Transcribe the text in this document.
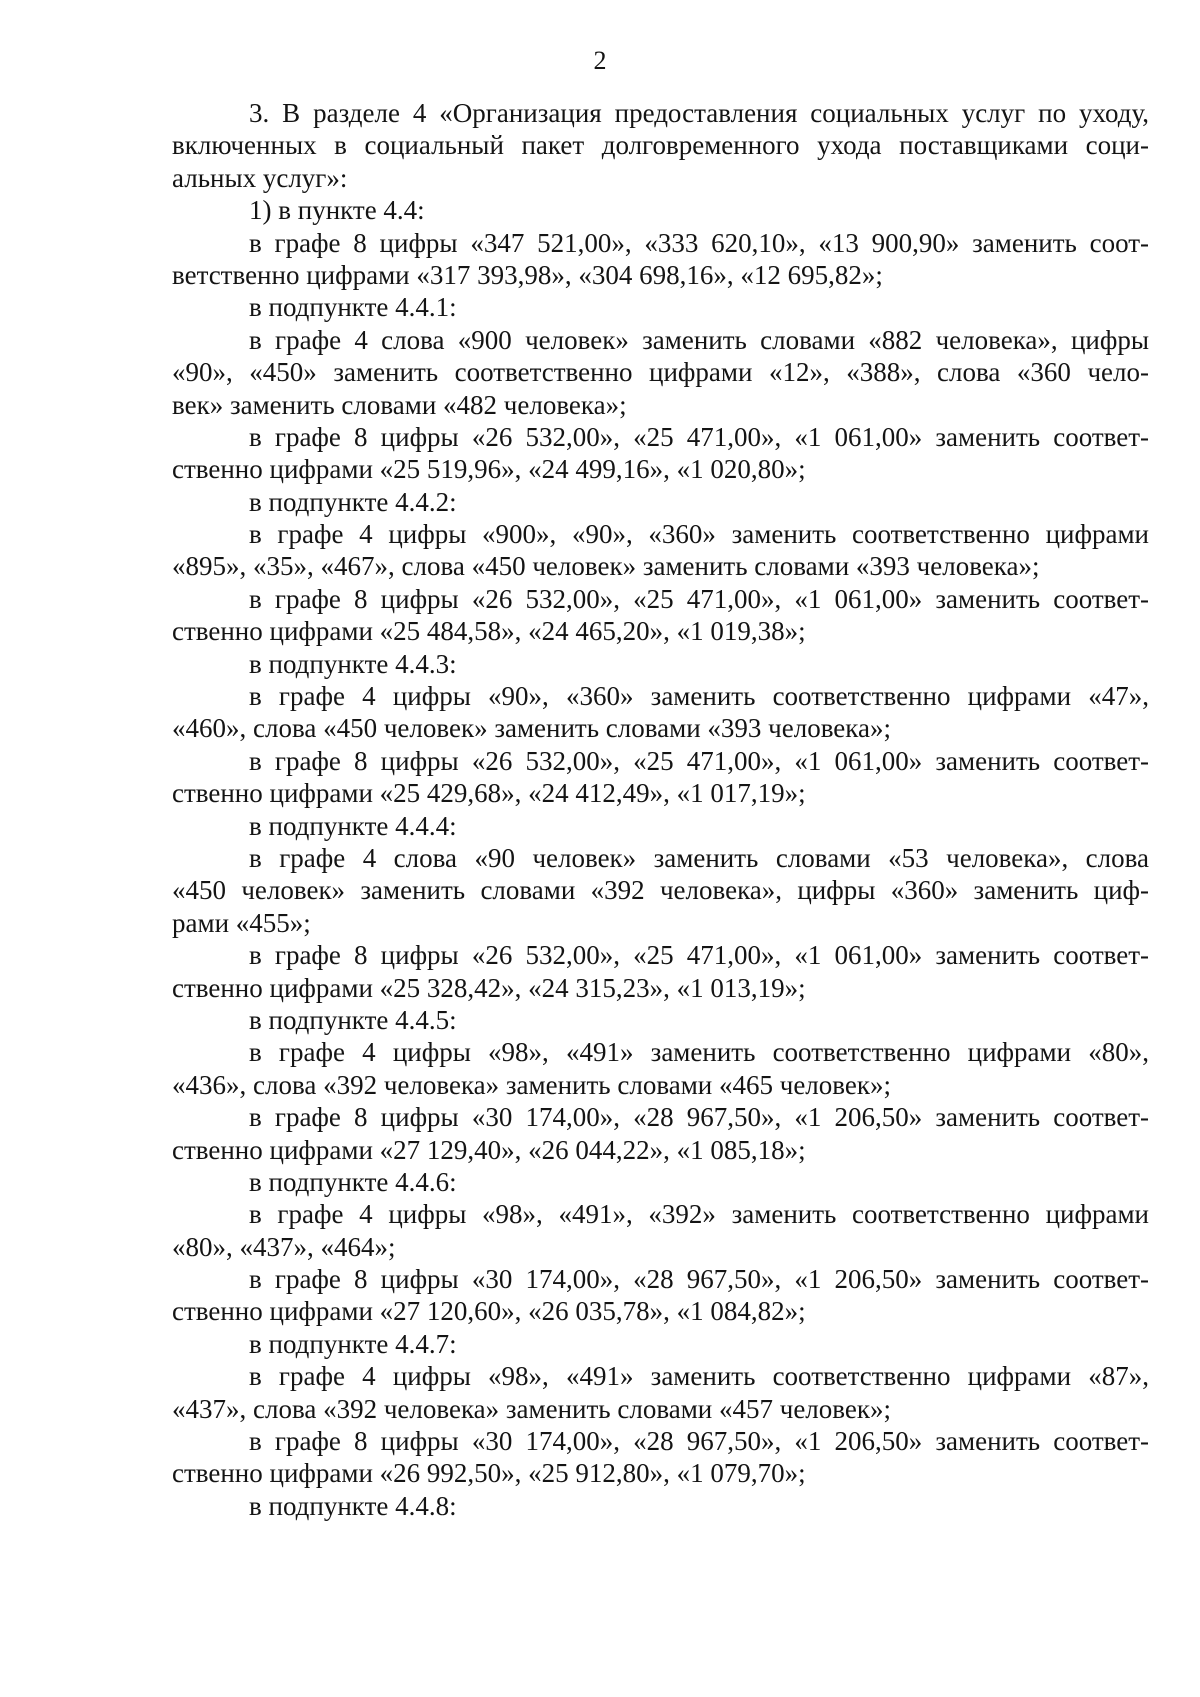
2
3. В разделе 4 «Организация предоставления социальных услуг по уходу,
включенных в социальный пакет долговременного ухода поставщиками соци-
альных услуг»:
1) в пункте 4.4:
в графе 8 цифры «347 521,00», «333 620,10», «13 900,90» заменить соот-
ветственно цифрами «317 393,98», «304 698,16», «12 695,82»;
в подпункте 4.4.1:
в графе 4 слова «900 человек» заменить словами «882 человека», цифры
«90», «450» заменить соответственно цифрами «12», «388», слова «360 чело-
век» заменить словами «482 человека»;
в графе 8 цифры «26 532,00», «25 471,00», «1 061,00» заменить соответ-
ственно цифрами «25 519,96», «24 499,16», «1 020,80»;
в подпункте 4.4.2:
в графе 4 цифры «900», «90», «360» заменить соответственно цифрами
«895», «35», «467», слова «450 человек» заменить словами «393 человека»;
в графе 8 цифры «26 532,00», «25 471,00», «1 061,00» заменить соответ-
ственно цифрами «25 484,58», «24 465,20», «1 019,38»;
в подпункте 4.4.3:
в графе 4 цифры «90», «360» заменить соответственно цифрами «47»,
«460», слова «450 человек» заменить словами «393 человека»;
в графе 8 цифры «26 532,00», «25 471,00», «1 061,00» заменить соответ-
ственно цифрами «25 429,68», «24 412,49», «1 017,19»;
в подпункте 4.4.4:
в графе 4 слова «90 человек» заменить словами «53 человека», слова
«450 человек» заменить словами «392 человека», цифры «360» заменить циф-
рами «455»;
в графе 8 цифры «26 532,00», «25 471,00», «1 061,00» заменить соответ-
ственно цифрами «25 328,42», «24 315,23», «1 013,19»;
в подпункте 4.4.5:
в графе 4 цифры «98», «491» заменить соответственно цифрами «80»,
«436», слова «392 человека» заменить словами «465 человек»;
в графе 8 цифры «30 174,00», «28 967,50», «1 206,50» заменить соответ-
ственно цифрами «27 129,40», «26 044,22», «1 085,18»;
в подпункте 4.4.6:
в графе 4 цифры «98», «491», «392» заменить соответственно цифрами
«80», «437», «464»;
в графе 8 цифры «30 174,00», «28 967,50», «1 206,50» заменить соответ-
ственно цифрами «27 120,60», «26 035,78», «1 084,82»;
в подпункте 4.4.7:
в графе 4 цифры «98», «491» заменить соответственно цифрами «87»,
«437», слова «392 человека» заменить словами «457 человек»;
в графе 8 цифры «30 174,00», «28 967,50», «1 206,50» заменить соответ-
ственно цифрами «26 992,50», «25 912,80», «1 079,70»;
в подпункте 4.4.8:
